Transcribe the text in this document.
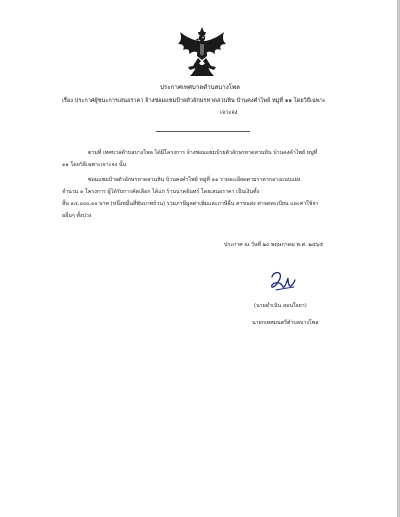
ประกาศเทศบาลตำบลบางโพล
เรื่อง ประกาศผู้ชนะการเสนอราคา จ้างซ่อมแซมป้ายตัวอักษรหาดสวนหิน บ้านคงคำไพย์ หมู่ที่ ๑๑ โดยวิธีเฉพาะ
เจาะจง
ตามที่ เทศบาลตำบลบางโพล ได้มีโครงการ จ้างซ่อมแซมป้ายตัวอักษรหาดสวนหิน บ้านคงคำไพย์ หมู่ที่
๑๑ โดยวิธีเฉพาะเจาะจง นั้น
ซ่อมแซมป้ายตัวอักษรหาดสวนหิน บ้านคงคำไพย์ หมู่ที่ ๑๑ รายละเอียดตามราคากลางแนบแฝง
จำนวน ๑ โครงการ ผู้ได้รับการคัดเลือก ได้แก่ ร้านนาคอินทร์ โดยเสนอราคา เป็นเงินทั้ง
สิ้น ๑๔,๐๐๐.๐๐ บาท (หนึ่งหมื่นสี่พันบาทถ้วน) รวมภาษีมูลค่าเพิ่มและภาษีอื่น ค่าขนส่ง ค่าจดทะเบียน และค่าใช้จ่า
ยอื่นๆ ทั้งปวง
ประกาศ ณ วันที่ ๒๐ พฤษภาคม พ.ศ. ๒๕๖๕
(นายดำเนิน สอนใจยา)
นายกเทศมนตรีตำบลบางโพล
